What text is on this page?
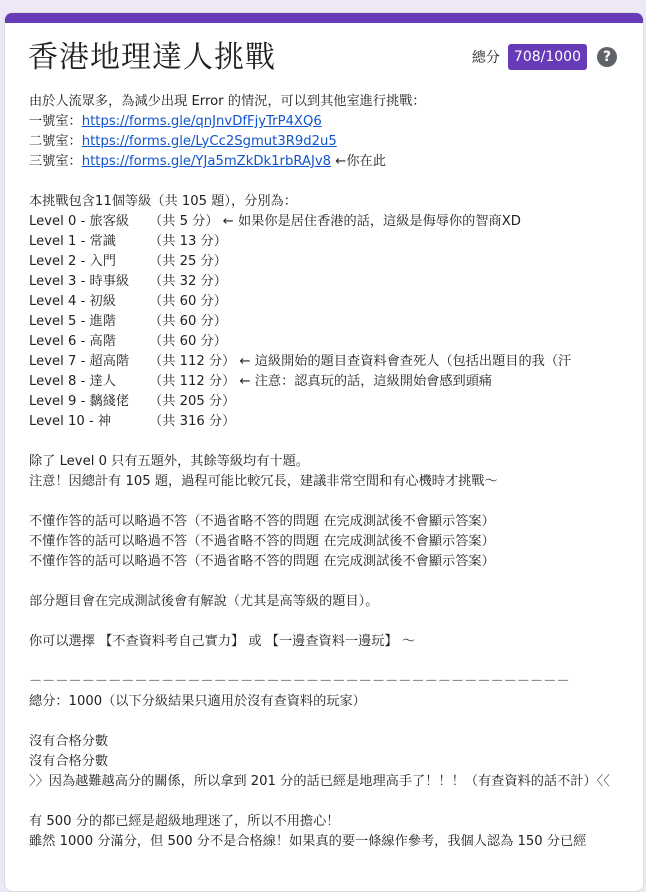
香港地理達人挑戰	總分	708/1000	?
由於人流眾多，為減少出現 Error 的情況，可以到其他室進行挑戰：
一號室：https://forms.gle/qnJnvDfFjyTrP4XQ6
二號室：https://forms.gle/LyCc2Sgmut3R9d2u5
三號室：https://forms.gle/YJa5mZkDk1rbRAJv8 ←你在此
本挑戰包含11個等級（共 105 題），分別為：
Level 0 - 旅客級 （共 5 分） ← 如果你是居住香港的話，這級是侮辱你的智商XD
Level 1 - 常識	（共 13 分）
Level 2 - 入門	（共 25 分）
Level 3 - 時事級 （共 32 分）
Level 4 - 初級	（共 60 分）
Level 5 - 進階	（共 60 分）
Level 6 - 高階	（共 60 分）
Level 7 - 超高階 （共 112 分） ← 這級開始的題目查資料會查死人（包括出題目的我（汗
Level 8 - 達人	（共 112 分） ← 注意：認真玩的話，這級開始會感到頭痛
Level 9 - 黐綫佬 （共 205 分）
Level 10 - 神	（共 316 分）
除了 Level 0 只有五題外，其餘等級均有十題。
注意！因總計有 105 題，過程可能比較冗長，建議非常空閒和有心機時才挑戰～
不懂作答的話可以略過不答（不過省略不答的問題 在完成測試後不會顯示答案）
不懂作答的話可以略過不答（不過省略不答的問題 在完成測試後不會顯示答案）
不懂作答的話可以略過不答（不過省略不答的問題 在完成測試後不會顯示答案）
部分題目會在完成測試後會有解說（尤其是高等級的題目）。
你可以選擇 【不查資料考自己實力】 或 【一邊查資料一邊玩】 ～
－－－－－－－－－－－－－－－－－－－－－－－－－－－－－－－－－－－－－－－－－
總分：1000（以下分級結果只適用於沒有查資料的玩家）
沒有合格分數
沒有合格分數
〉〉因為越難越高分的關係，所以拿到 201 分的話已經是地理高手了！！！（有查資料的話不計）〈〈
有 500 分的都已經是超級地理迷了，所以不用擔心！
雖然 1000 分滿分，但 500 分不是合格線！如果真的要一條線作參考，我個人認為 150 分已經
